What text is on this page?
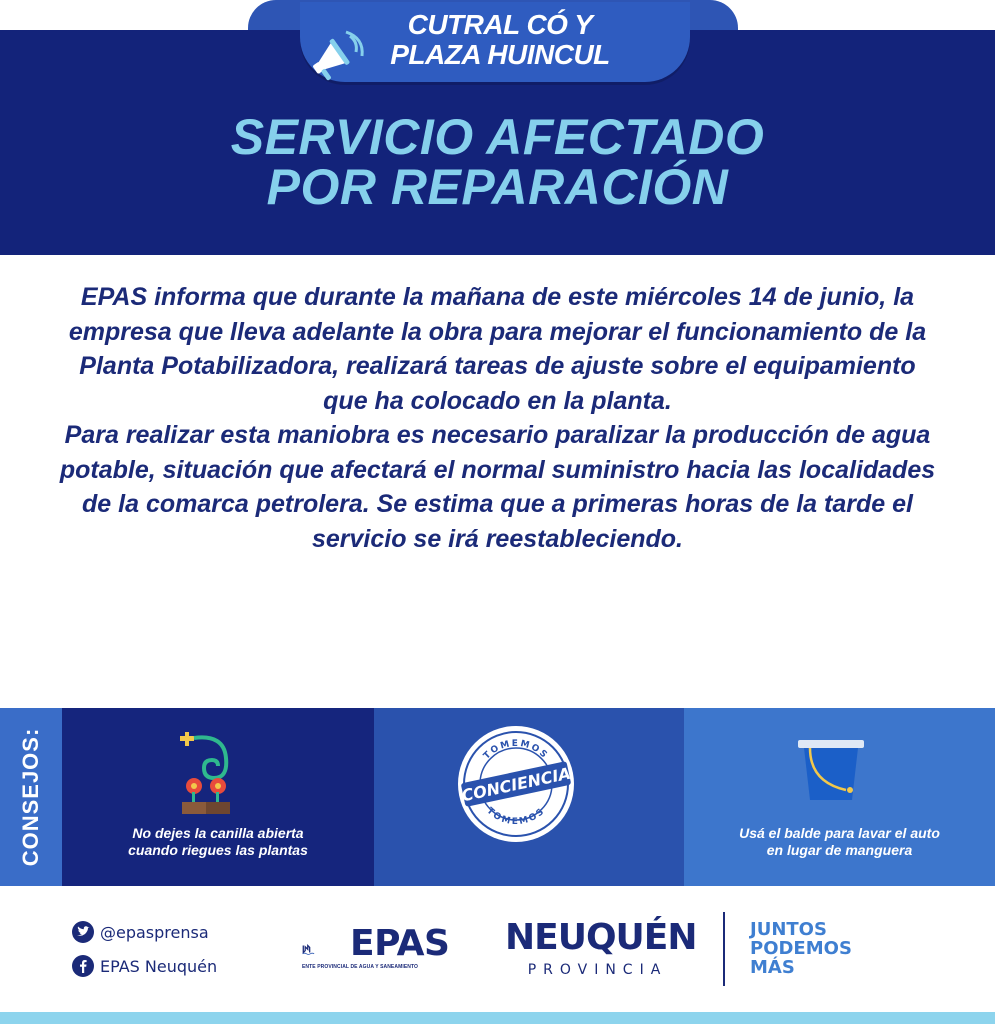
CUTRAL CÓ Y
PLAZA HUINCUL
SERVICIO AFECTADO
POR REPARACIÓN

EPAS informa que durante la mañana de este miércoles 14 de junio, la empresa que lleva adelante la obra para mejorar el funcionamiento de la Planta Potabilizadora, realizará tareas de ajuste sobre el equipamiento que ha colocado en la planta.

Para realizar esta maniobra es necesario paralizar la producción de agua potable, situación que afectará el normal suministro hacia las localidades de la comarca petrolera. Se estima que a primeras horas de la tarde el servicio se irá reestableciendo.

CONSEJOS:	No dejes la canilla abierta
cuando riegues las plantas
TOMEMOS
TOMEMOS
CONCIENCIA
Usá el balde para lavar el auto
en lugar de manguera
@epasprensa
EPAS Neuquén
EPAS
ENTE PROVINCIAL DE AGUA Y SANEAMIENTO
NEUQUÉN
PROVINCIA
JUNTOS
PODEMOS
MÁS
